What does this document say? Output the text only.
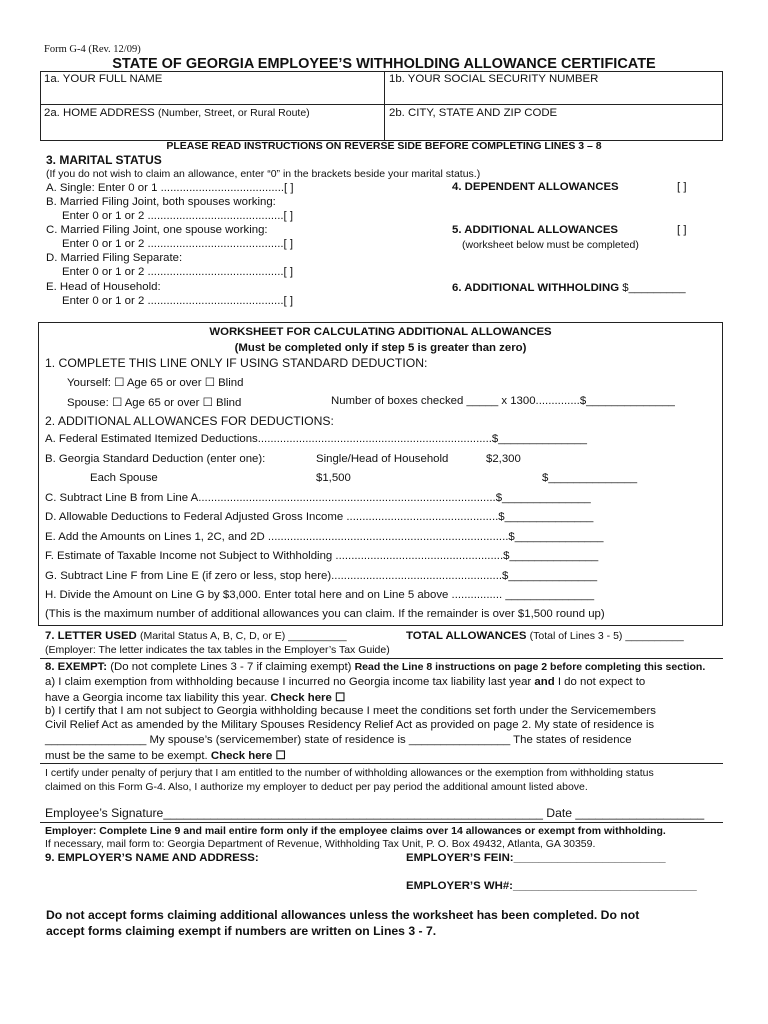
Form G-4 (Rev. 12/09)
STATE OF GEORGIA EMPLOYEE’S WITHHOLDING ALLOWANCE CERTIFICATE
1a. YOUR FULL NAME	1b. YOUR SOCIAL SECURITY NUMBER
2a. HOME ADDRESS (Number, Street, or Rural Route)	2b. CITY, STATE AND ZIP CODE
PLEASE READ INSTRUCTIONS ON REVERSE SIDE BEFORE COMPLETING LINES 3 – 8
3. MARITAL STATUS
(If you do not wish to claim an allowance, enter “0” in the brackets beside your marital status.)
A. Single: Enter 0 or 1 .......................................[ ]
B. Married Filing Joint, both spouses working:
Enter 0 or 1 or 2 ...........................................[ ]
C. Married Filing Joint, one spouse working:
Enter 0 or 1 or 2 ...........................................[ ]
D. Married Filing Separate:
Enter 0 or 1 or 2 ...........................................[ ]
E. Head of Household:
Enter 0 or 1 or 2 ...........................................[ ]
4. DEPENDENT ALLOWANCES	[ ]
5. ADDITIONAL ALLOWANCES	[ ]
(worksheet below must be completed)
6. ADDITIONAL WITHHOLDING $_________
WORKSHEET FOR CALCULATING ADDITIONAL ALLOWANCES
(Must be completed only if step 5 is greater than zero)
1. COMPLETE THIS LINE ONLY IF USING STANDARD DEDUCTION:
Yourself: ☐ Age 65 or over ☐ Blind
Spouse: ☐ Age 65 or over ☐ Blind	Number of boxes checked _____ x 1300..............$______________
2. ADDITIONAL ALLOWANCES FOR DEDUCTIONS:
A. Federal Estimated Itemized Deductions..........................................................................$______________
B. Georgia Standard Deduction (enter one):	Single/Head of Household	$2,300
Each Spouse	$1,500	$______________
C. Subtract Line B from Line A..............................................................................................$______________
D. Allowable Deductions to Federal Adjusted Gross Income ................................................$______________
E. Add the Amounts on Lines 1, 2C, and 2D ............................................................................$______________
F. Estimate of Taxable Income not Subject to Withholding .....................................................$______________
G. Subtract Line F from Line E (if zero or less, stop here)......................................................$______________
H. Divide the Amount on Line G by $3,000. Enter total here and on Line 5 above ................ ______________
(This is the maximum number of additional allowances you can claim. If the remainder is over $1,500 round up)
7. LETTER USED (Marital Status A, B, C, D, or E) __________	TOTAL ALLOWANCES (Total of Lines 3 - 5) __________
(Employer: The letter indicates the tax tables in the Employer’s Tax Guide)
8. EXEMPT: (Do not complete Lines 3 - 7 if claiming exempt) Read the Line 8 instructions on page 2 before completing this section.
a) I claim exemption from withholding because I incurred no Georgia income tax liability last year and I do not expect to
have a Georgia income tax liability this year. Check here ☐
b) I certify that I am not subject to Georgia withholding because I meet the conditions set forth under the Servicemembers
Civil Relief Act as amended by the Military Spouses Residency Relief Act as provided on page 2. My state of residence is
________________ My spouse’s (servicemember) state of residence is ________________ The states of residence
must be the same to be exempt. Check here ☐
I certify under penalty of perjury that I am entitled to the number of withholding allowances or the exemption from withholding status
claimed on this Form G-4. Also, I authorize my employer to deduct per pay period the additional amount listed above.
Employee’s Signature________________________________________________________ Date ___________________
Employer: Complete Line 9 and mail entire form only if the employee claims over 14 allowances or exempt from withholding.
If necessary, mail form to: Georgia Department of Revenue, Withholding Tax Unit, P. O. Box 49432, Atlanta, GA 30359.
9. EMPLOYER’S NAME AND ADDRESS:	EMPLOYER’S FEIN:________________________
EMPLOYER’S WH#:_____________________________
Do not accept forms claiming additional allowances unless the worksheet has been completed. Do not
accept forms claiming exempt if numbers are written on Lines 3 - 7.
